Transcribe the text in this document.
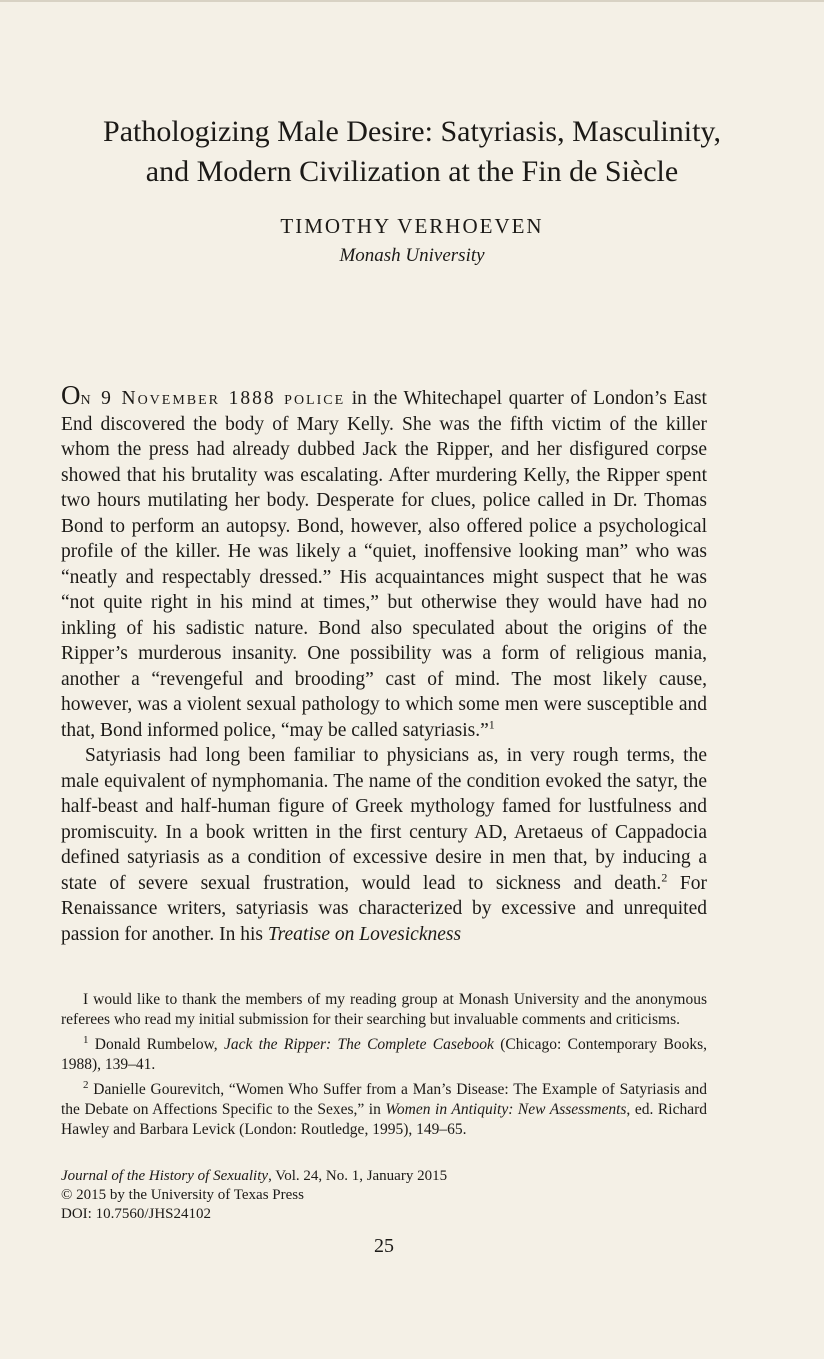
Pathologizing Male Desire: Satyriasis, Masculinity,
and Modern Civilization at the Fin de Siècle
TIMOTHY VERHOEVEN
Monash University

On 9 November 1888 police in the Whitechapel quarter of London’s East End discovered the body of Mary Kelly. She was the fifth victim of the killer whom the press had already dubbed Jack the Ripper, and her disfigured corpse showed that his brutality was escalating. After murdering Kelly, the Ripper spent two hours mutilating her body. Desperate for clues, police called in Dr. Thomas Bond to perform an autopsy. Bond, however, also offered police a psychological profile of the killer. He was likely a “quiet, inoffensive looking man” who was “neatly and respectably dressed.” His acquaintances might suspect that he was “not quite right in his mind at times,” but otherwise they would have had no inkling of his sadistic nature. Bond also speculated about the origins of the Ripper’s murderous insanity. One possibility was a form of religious mania, another a “revengeful and brooding” cast of mind. The most likely cause, however, was a violent sexual pathology to which some men were susceptible and that, Bond informed police, “may be called satyriasis.”$^1$

Satyriasis had long been familiar to physicians as, in very rough terms, the male equivalent of nymphomania. The name of the condition evoked the satyr, the half-beast and half-human figure of Greek mythology famed for lustfulness and promiscuity. In a book written in the first century AD, Aretaeus of Cappadocia defined satyriasis as a condition of excessive desire in men that, by inducing a state of severe sexual frustration, would lead to sickness and death.$^2$ For Renaissance writers, satyriasis was characterized by excessive and unrequited passion for another. In his Treatise on Lovesickness

I would like to thank the members of my reading group at Monash University and the anonymous referees who read my initial submission for their searching but invaluable comments and criticisms.

$^1$ Donald Rumbelow, Jack the Ripper: The Complete Casebook (Chicago: Contemporary Books, 1988), 139–41.

$^2$ Danielle Gourevitch, “Women Who Suffer from a Man’s Disease: The Example of Satyriasis and the Debate on Affections Specific to the Sexes,” in Women in Antiquity: New Assessments, ed. Richard Hawley and Barbara Levick (London: Routledge, 1995), 149–65.

Journal of the History of Sexuality, Vol. 24, No. 1, January 2015
© 2015 by the University of Texas Press
DOI: 10.7560/JHS24102
25
